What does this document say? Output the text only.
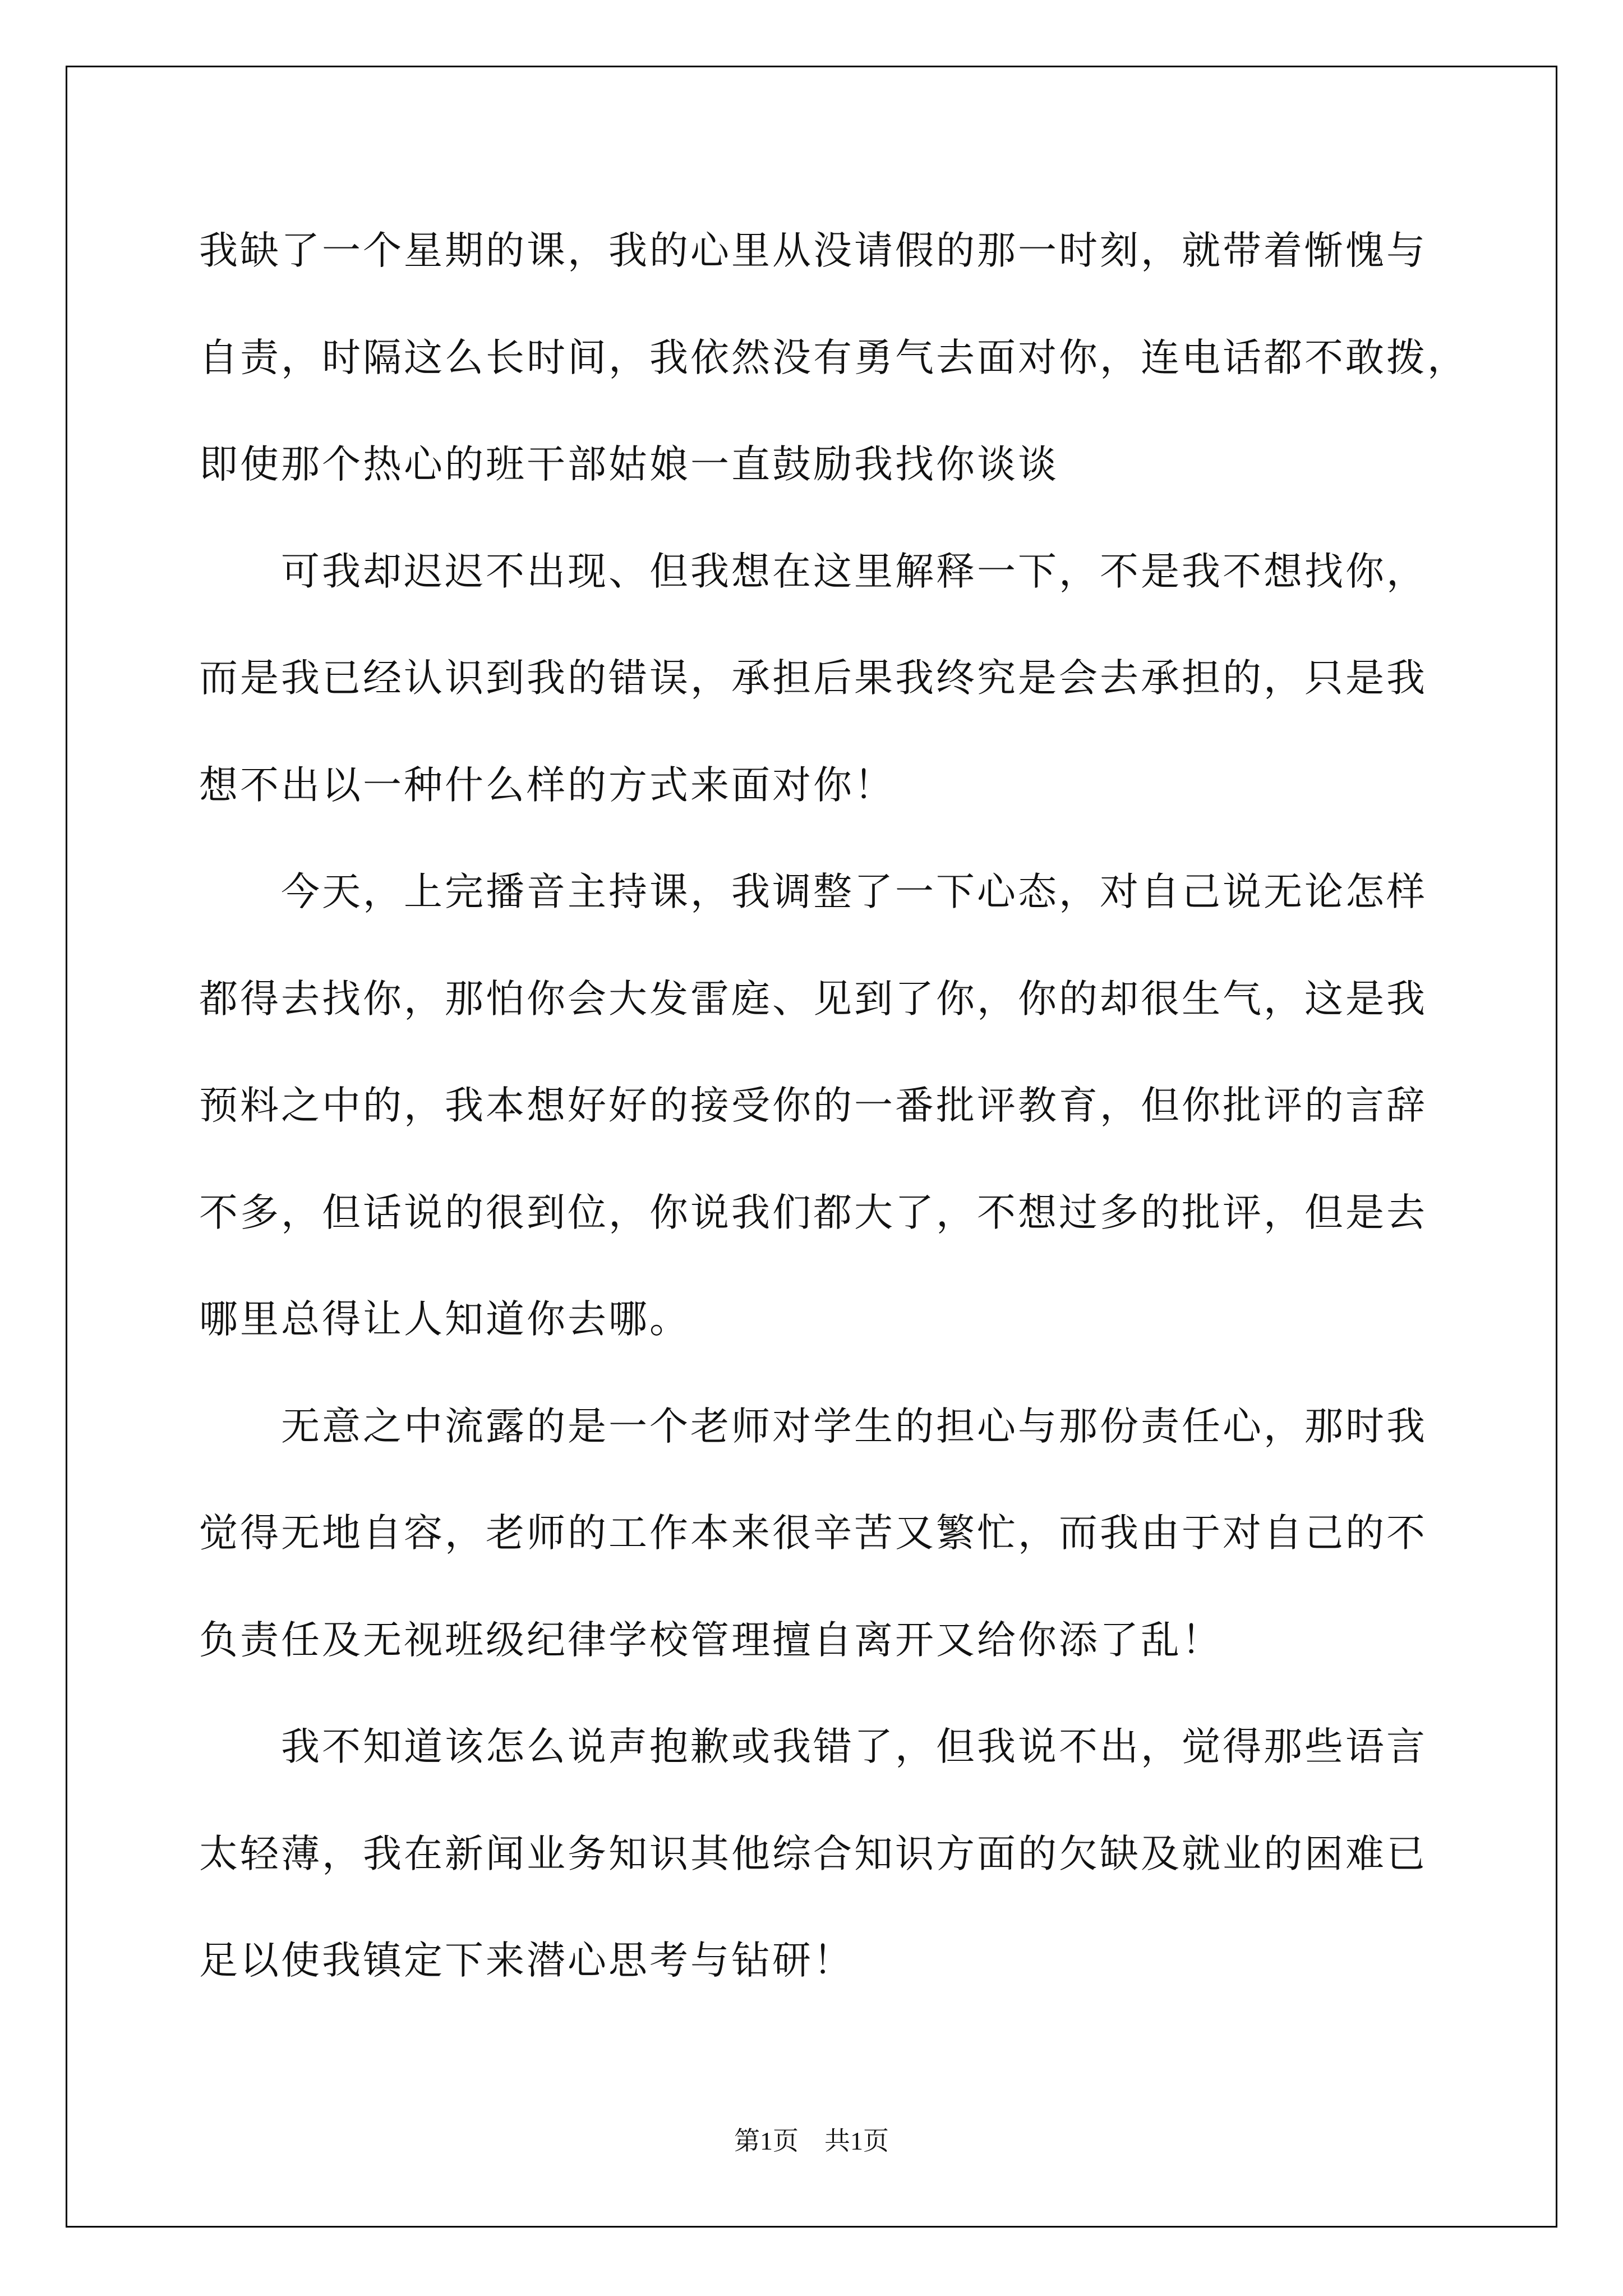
我缺了一个星期的课，我的心里从没请假的那一时刻，就带着惭愧与
自责，时隔这么长时间，我依然没有勇气去面对你，连电话都不敢拨，
即使那个热心的班干部姑娘一直鼓励我找你谈谈
可我却迟迟不出现、但我想在这里解释一下，不是我不想找你，
而是我已经认识到我的错误，承担后果我终究是会去承担的，只是我
想不出以一种什么样的方式来面对你！
今天，上完播音主持课，我调整了一下心态，对自己说无论怎样
都得去找你，那怕你会大发雷庭、见到了你，你的却很生气，这是我
预料之中的，我本想好好的接受你的一番批评教育，但你批评的言辞
不多，但话说的很到位，你说我们都大了，不想过多的批评，但是去
哪里总得让人知道你去哪。
无意之中流露的是一个老师对学生的担心与那份责任心，那时我
觉得无地自容，老师的工作本来很辛苦又繁忙，而我由于对自己的不
负责任及无视班级纪律学校管理擅自离开又给你添了乱！
我不知道该怎么说声抱歉或我错了，但我说不出，觉得那些语言
太轻薄，我在新闻业务知识其他综合知识方面的欠缺及就业的困难已
足以使我镇定下来潜心思考与钻研！
第1页　共1页
